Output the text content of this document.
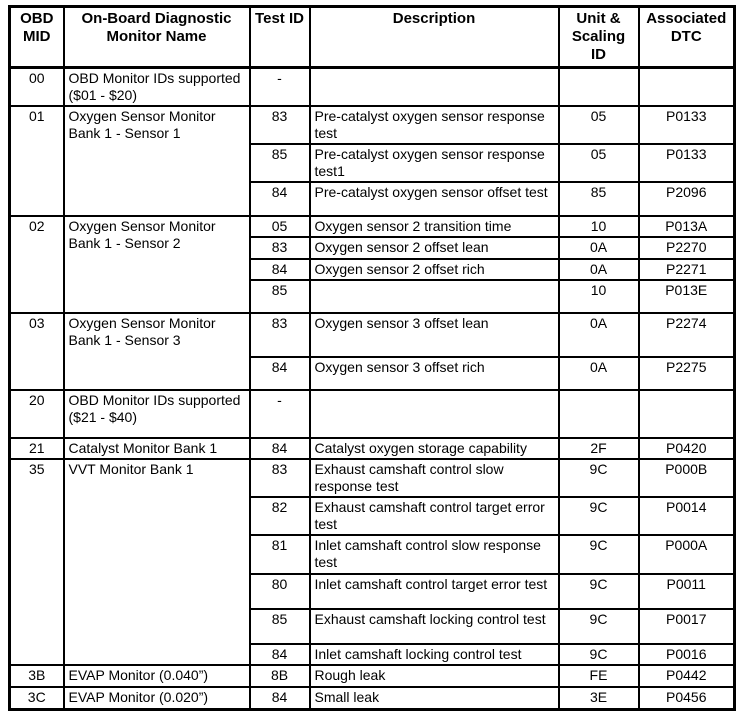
OBD MID	On-Board Diagnostic Monitor Name	Test ID	Description	Unit & Scaling ID	Associated DTC
00	OBD Monitor IDs supported ($01 - $20)	-			
01	Oxygen Sensor Monitor Bank 1 - Sensor 1	83	Pre-catalyst oxygen sensor response test	05	P0133
		85	Pre-catalyst oxygen sensor response test1	05	P0133
		84	Pre-catalyst oxygen sensor offset test	85	P2096
02	Oxygen Sensor Monitor Bank 1 - Sensor 2	05	Oxygen sensor 2 transition time	10	P013A
		83	Oxygen sensor 2 offset lean	0A	P2270
		84	Oxygen sensor 2 offset rich	0A	P2271
		85		10	P013E
03	Oxygen Sensor Monitor Bank 1 - Sensor 3	83	Oxygen sensor 3 offset lean	0A	P2274
		84	Oxygen sensor 3 offset rich	0A	P2275
20	OBD Monitor IDs supported ($21 - $40)	-			
21	Catalyst Monitor Bank 1	84	Catalyst oxygen storage capability	2F	P0420
35	VVT Monitor Bank 1	83	Exhaust camshaft control slow response test	9C	P000B
		82	Exhaust camshaft control target error test	9C	P0014
		81	Inlet camshaft control slow response test	9C	P000A
		80	Inlet camshaft control target error test	9C	P0011
		85	Exhaust camshaft locking control test	9C	P0017
		84	Inlet camshaft locking control test	9C	P0016
3B	EVAP Monitor (0.040”)	8B	Rough leak	FE	P0442
3C	EVAP Monitor (0.020”)	84	Small leak	3E	P0456
